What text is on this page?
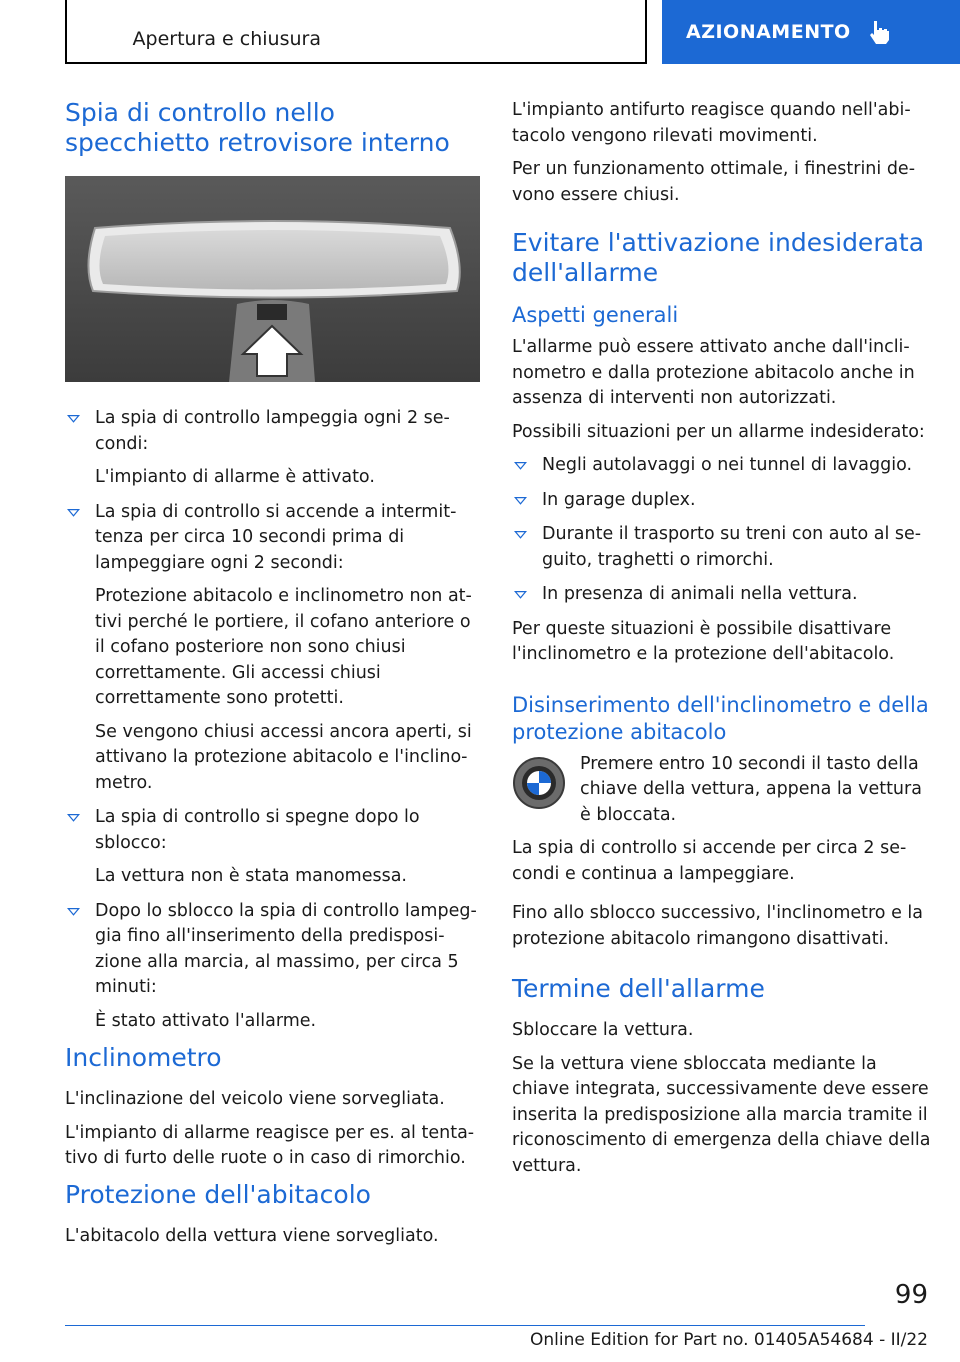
Apertura e chiusura	AZIONAMENTO
Spia di controllo nello specchietto retrovisore interno
La spia di controllo lampeggia ogni 2 secondi:
L'impianto di allarme è attivato.
La spia di controllo si accende a intermittenza per circa 10 secondi prima di lampeggiare ogni 2 secondi:
Protezione abitacolo e inclinometro non attivi perché le portiere, il cofano anteriore o il cofano posteriore non sono chiusi correttamente. Gli accessi chiusi correttamente sono protetti.
Se vengono chiusi accessi ancora aperti, si attivano la protezione abitacolo e l'inclinometro.
La spia di controllo si spegne dopo lo sblocco:
La vettura non è stata manomessa.
Dopo lo sblocco la spia di controllo lampeggia fino all'inserimento della predisposizione alla marcia, al massimo, per circa 5 minuti:
È stato attivato l'allarme.
Inclinometro

L'inclinazione del veicolo viene sorvegliata.

L'impianto di allarme reagisce per es. al tentativo di furto delle ruote o in caso di rimorchio.

Protezione dell'abitacolo

L'abitacolo della vettura viene sorvegliato.

L'impianto antifurto reagisce quando nell'abitacolo vengono rilevati movimenti.

Per un funzionamento ottimale, i finestrini devono essere chiusi.

Evitare l'attivazione indesiderata dell'allarme
Aspetti generali

L'allarme può essere attivato anche dall'inclinometro e dalla protezione abitacolo anche in assenza di interventi non autorizzati.

Possibili situazioni per un allarme indesiderato:

Negli autolavaggi o nei tunnel di lavaggio.
In garage duplex.
Durante il trasporto su treni con auto al seguito, traghetti o rimorchi.
In presenza di animali nella vettura.

Per queste situazioni è possibile disattivare l'inclinometro e la protezione dell'abitacolo.

Disinserimento dell'inclinometro e della protezione abitacolo

Premere entro 10 secondi il tasto della chiave della vettura, appena la vettura è bloccata.

La spia di controllo si accende per circa 2 secondi e continua a lampeggiare.

Fino allo sblocco successivo, l'inclinometro e la protezione abitacolo rimangono disattivati.

Termine dell'allarme

Sbloccare la vettura.

Se la vettura viene sbloccata mediante la chiave integrata, successivamente deve essere inserita la predisposizione alla marcia tramite il riconoscimento di emergenza della chiave della vettura.

99
Online Edition for Part no. 01405A54684 - II/22
